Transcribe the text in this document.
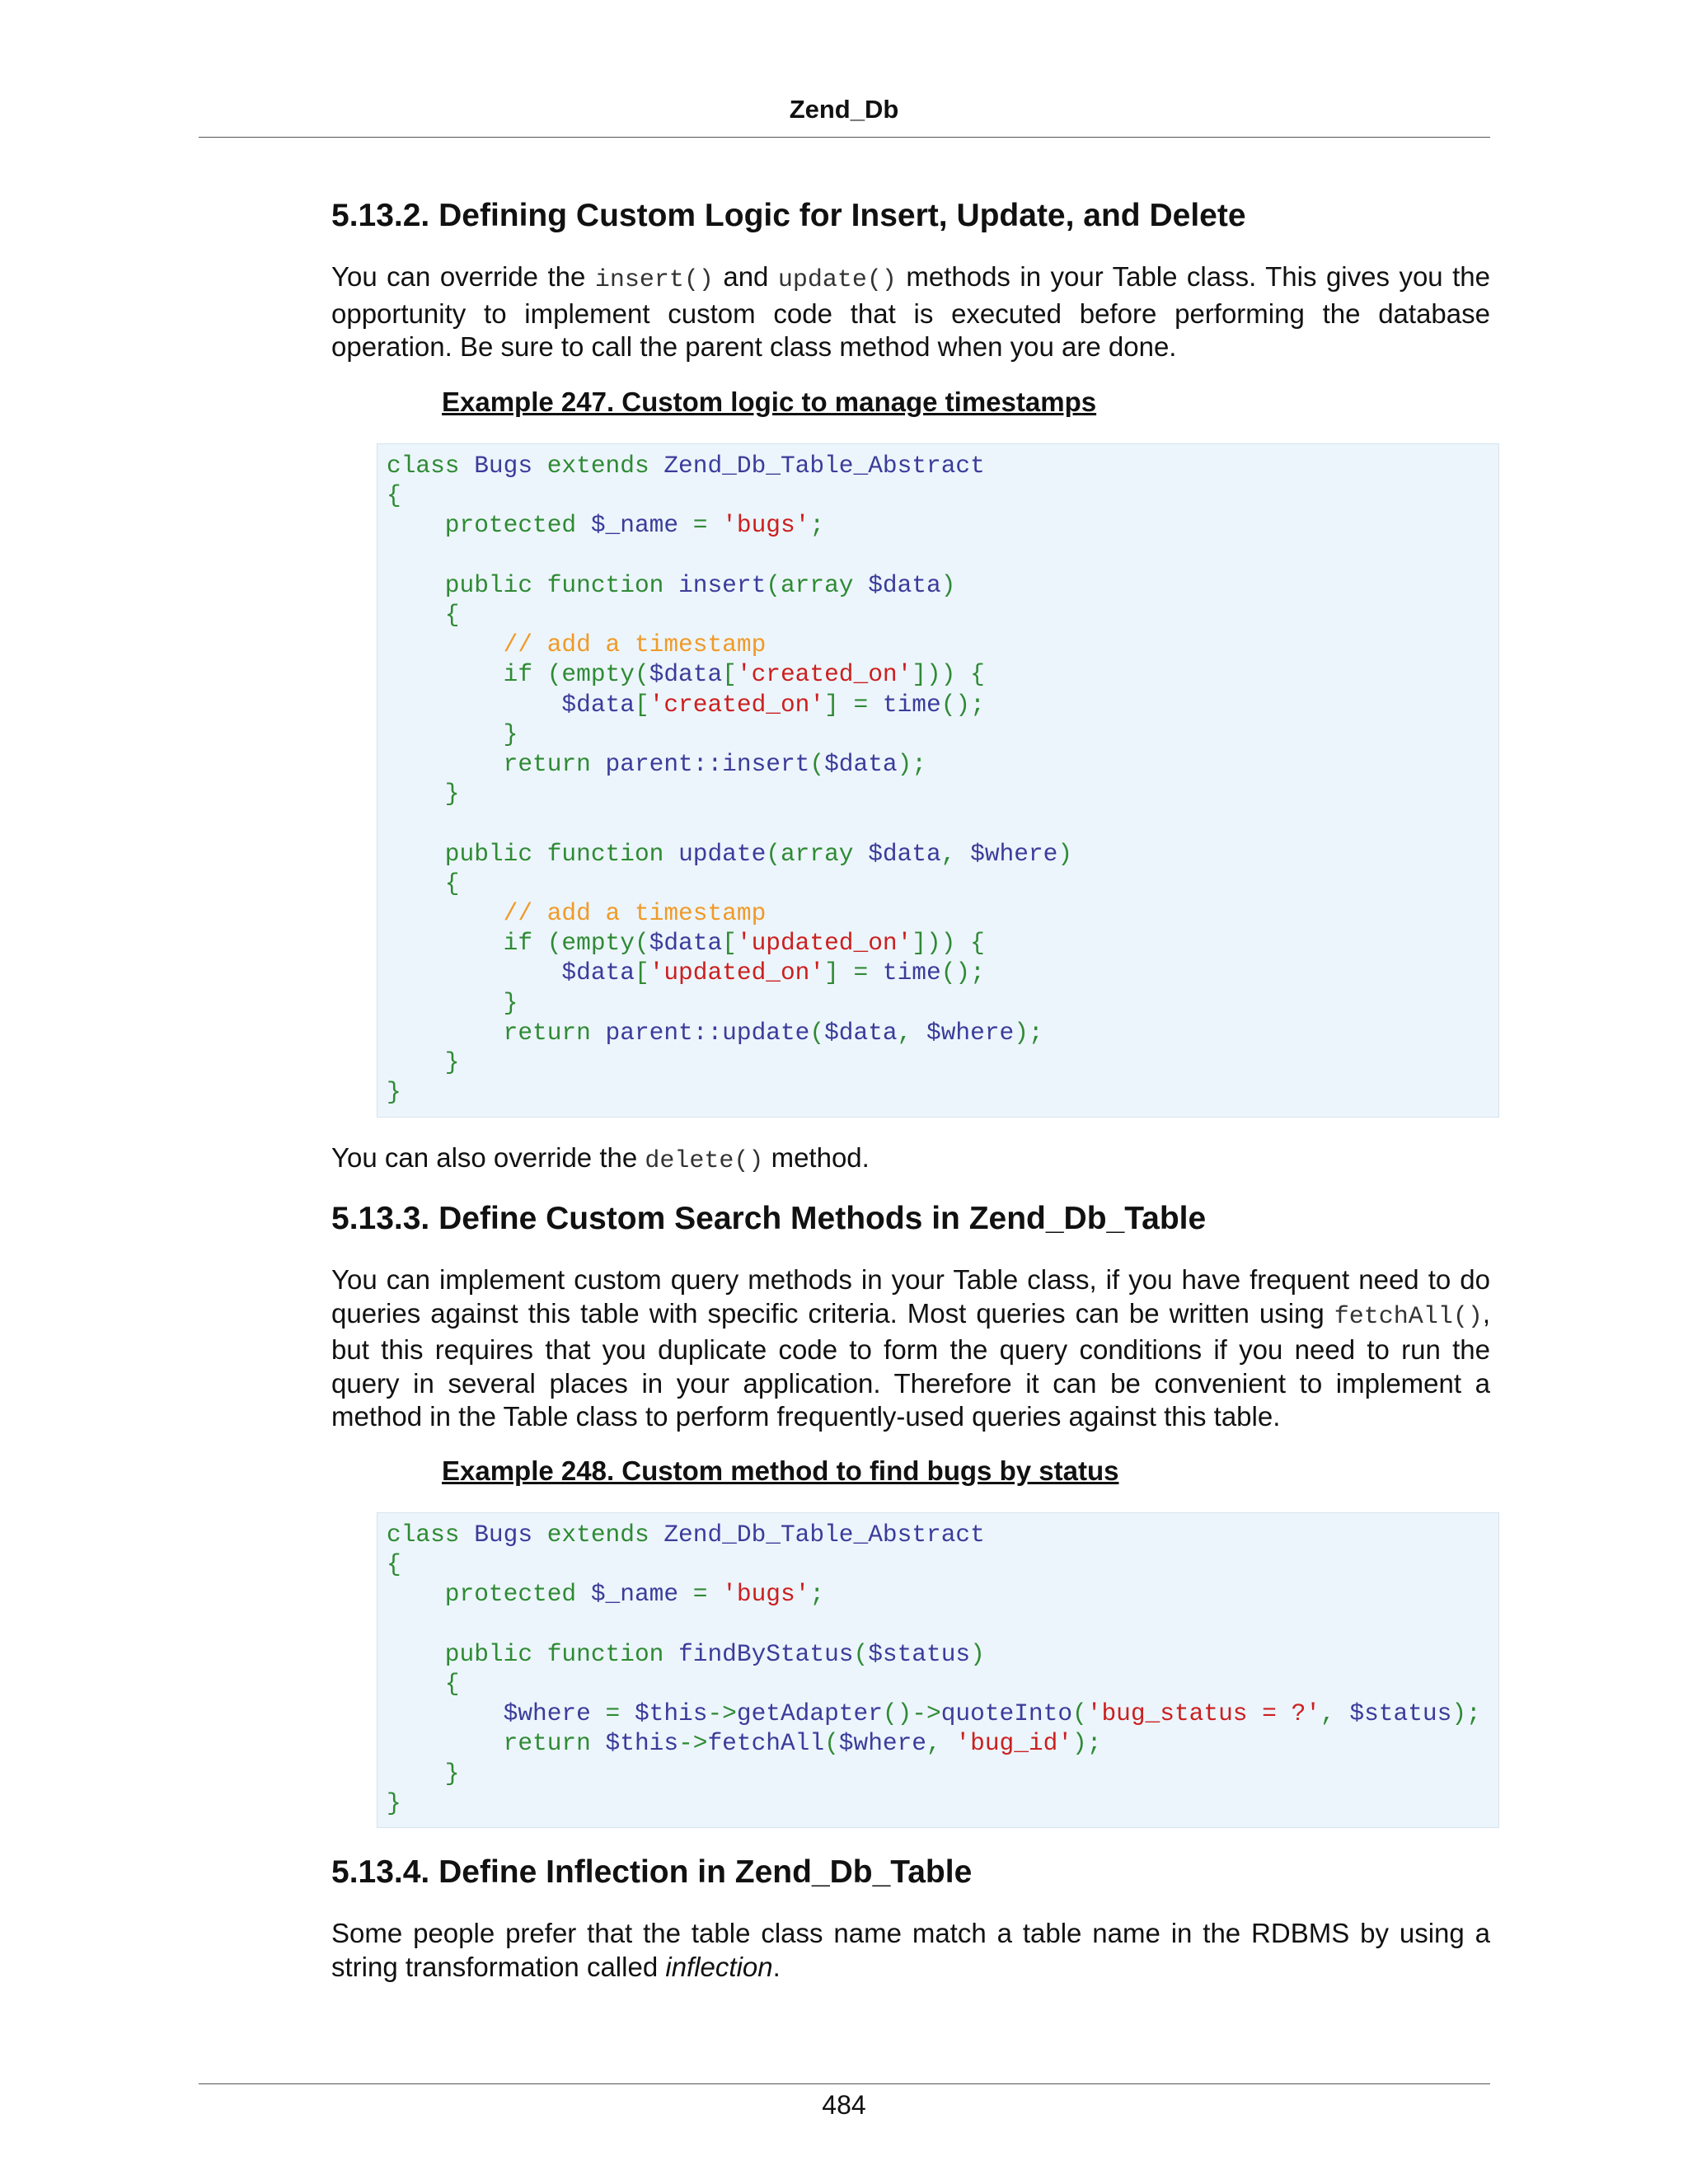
Zend_Db
5.13.2. Defining Custom Logic for Insert, Update, and Delete

You can override the insert() and update() methods in your Table class. This gives you the opportunity to implement custom code that is executed before performing the database operation. Be sure to call the parent class method when you are done.

Example 247. Custom logic to manage timestamps
class Bugs extends Zend_Db_Table_Abstract
{
protected $_name = 'bugs';

public function insert(array $data)
{
// add a timestamp
if (empty($data['created_on'])) {
$data['created_on'] = time();
}
return parent::insert($data);
}

public function update(array $data, $where)
{
// add a timestamp
if (empty($data['updated_on'])) {
$data['updated_on'] = time();
}
return parent::update($data, $where);
}
}

You can also override the delete() method.

5.13.3. Define Custom Search Methods in Zend_Db_Table

You can implement custom query methods in your Table class, if you have frequent need to do queries against this table with specific criteria. Most queries can be written using fetchAll(), but this requires that you duplicate code to form the query conditions if you need to run the query in several places in your application. Therefore it can be convenient to implement a method in the Table class to perform frequently-used queries against this table.

Example 248. Custom method to find bugs by status
class Bugs extends Zend_Db_Table_Abstract
{
protected $_name = 'bugs';

public function findByStatus($status)
{
$where = $this->getAdapter()->quoteInto('bug_status = ?', $status);
return $this->fetchAll($where, 'bug_id');
}
}
5.13.4. Define Inflection in Zend_Db_Table

Some people prefer that the table class name match a table name in the RDBMS by using a string transformation called inflection.

484
